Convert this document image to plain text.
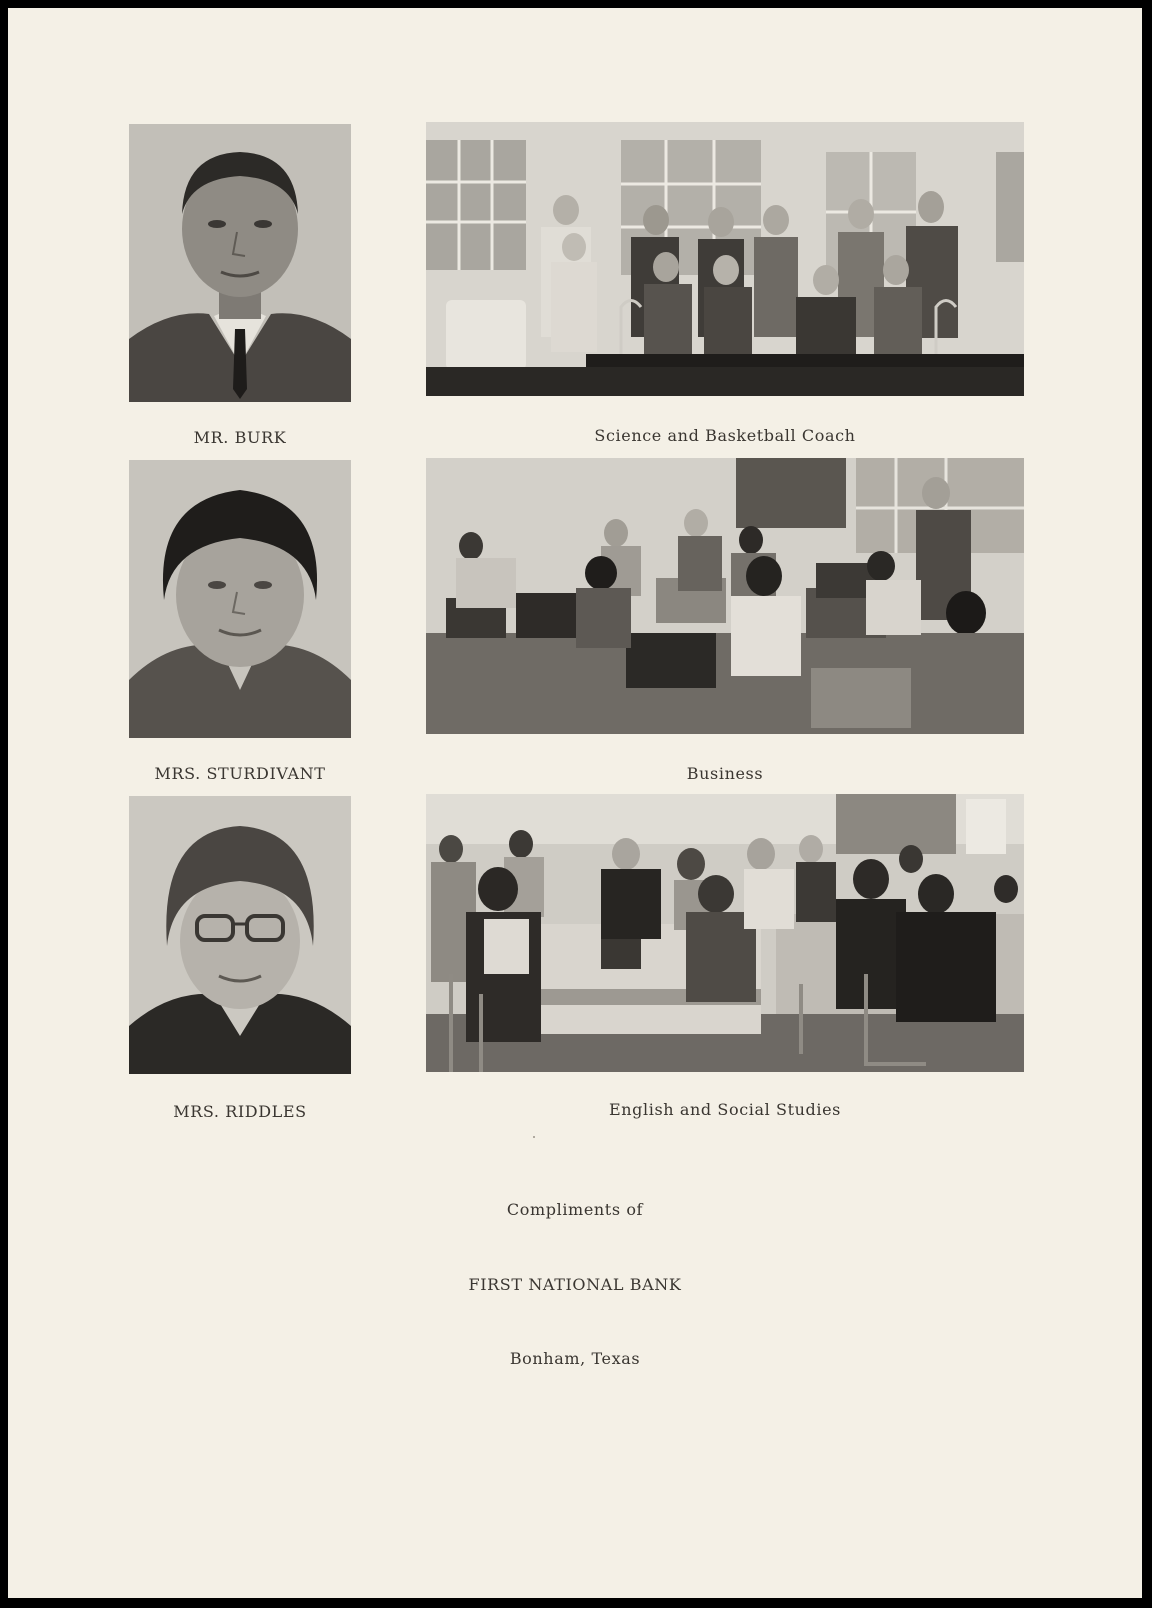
MR. BURK	Science and Basketball Coach
MRS. STURDIVANT	Business
MRS. RIDDLES	English and Social Studies
Compliments of
FIRST NATIONAL BANK
Bonham, Texas
